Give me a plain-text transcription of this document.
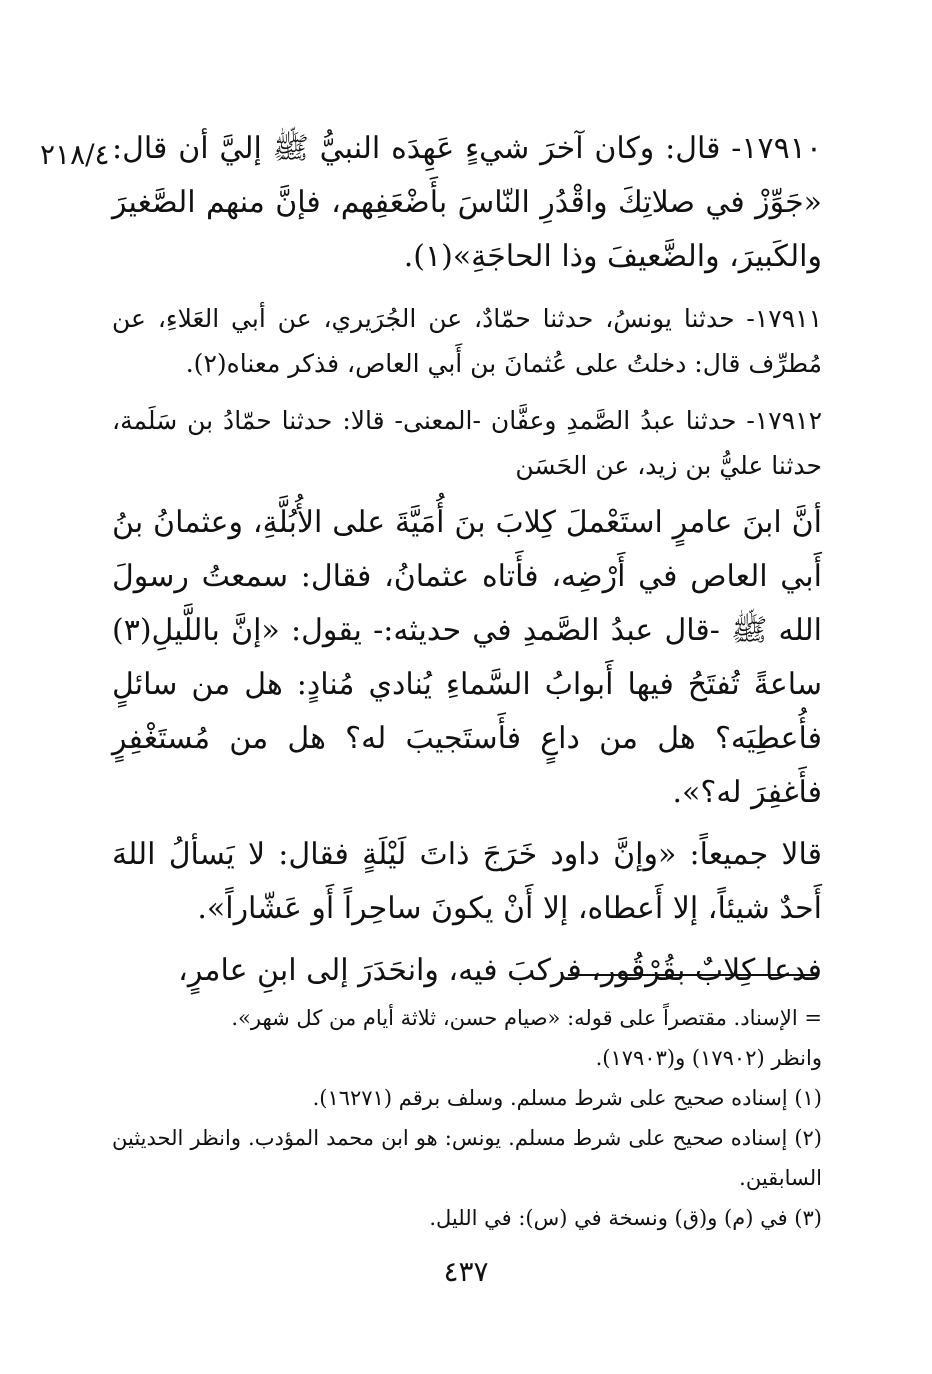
٢١٨/٤ ١٧٩١٠- قال: وكان آخرَ شيءٍ عَهِدَه النبيُّ ﷺ إليَّ أن قال: «جَوِّزْ في صلاتِكَ واقْدُرِ النّاسَ بأَضْعَفِهم، فإنَّ منهم الصَّغيرَ والكَبيرَ، والضَّعيفَ وذا الحاجَةِ»(١).

١٧٩١١- حدثنا يونسُ، حدثنا حمّادٌ، عن الجُرَيري، عن أبي العَلاءِ، عن مُطرِّف قال: دخلتُ على عُثمانَ بن أَبي العاص، فذكر معناه(٢).

١٧٩١٢- حدثنا عبدُ الصَّمدِ وعفَّان -المعنى- قالا: حدثنا حمّادُ بن سَلَمة، حدثنا عليُّ بن زيد، عن الحَسَن

أنَّ ابنَ عامرٍ استَعْملَ كِلابَ بنَ أُمَيَّةَ على الأُبُلَّةِ، وعثمانُ بنُ أَبي العاص في أَرْضِه، فأَتاه عثمانُ، فقال: سمعتُ رسولَ الله ﷺ -قال عبدُ الصَّمدِ في حديثه:- يقول: «إنَّ باللَّيلِ(٣) ساعةً تُفتَحُ فيها أَبوابُ السَّماءِ يُنادي مُنادٍ: هل من سائلٍ فأُعطِيَه؟ هل من داعٍ فأَستَجيبَ له؟ هل من مُستَغْفِرٍ فأَغفِرَ له؟».

قالا جميعاً: «وإنَّ داود خَرَجَ ذاتَ لَيْلَةٍ فقال: لا يَسألُ اللهَ أَحدٌ شيئاً، إلا أَعطاه، إلا أَنْ يكونَ ساحِراً أَو عَشّاراً».

فدعا كِلابٌ بقُرْقُور، فركبَ فيه، وانحَدَرَ إلى ابنِ عامرٍ،

= الإسناد. مقتصراً على قوله: «صيام حسن، ثلاثة أيام من كل شهر».

وانظر (١٧٩٠٢) و(١٧٩٠٣).

(١) إسناده صحيح على شرط مسلم. وسلف برقم (١٦٢٧١).

(٢) إسناده صحيح على شرط مسلم. يونس: هو ابن محمد المؤدب. وانظر الحديثين السابقين.

(٣) في (م) و(ق) ونسخة في (س): في الليل.

٤٣٧
